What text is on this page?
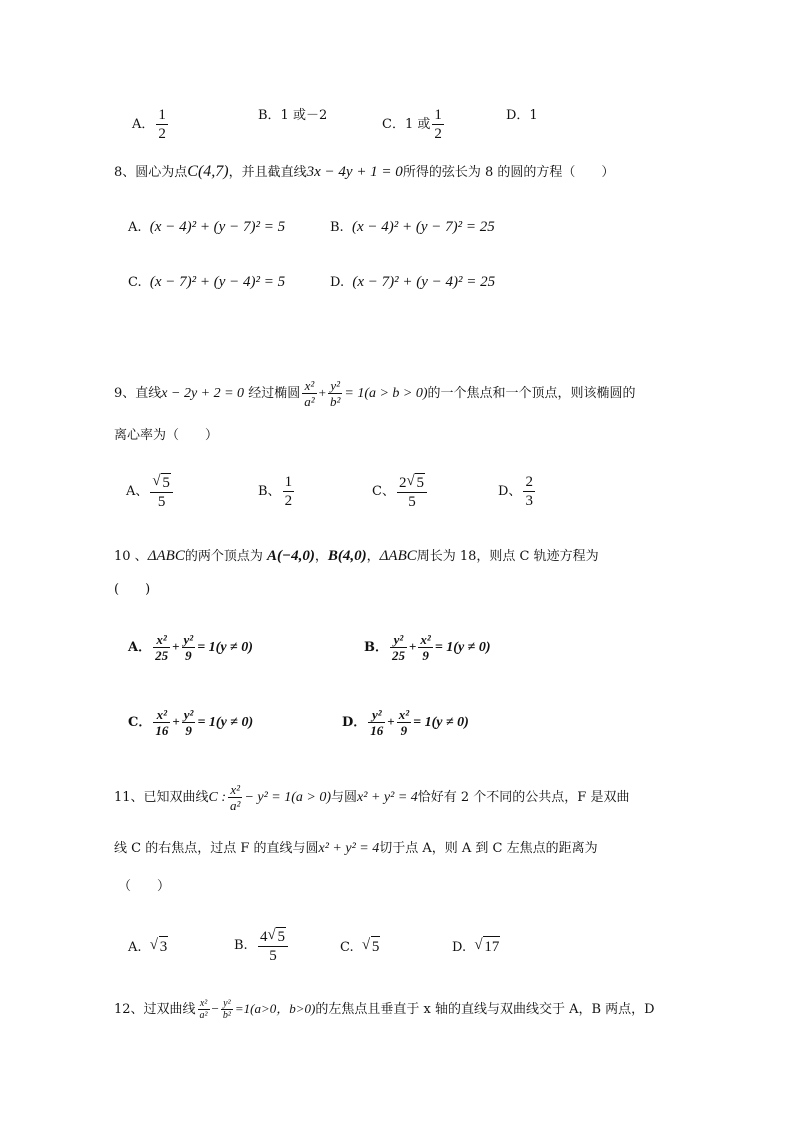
A． $\frac{1}{2}$	B．1 或－2
C．1 或 $\frac{1}{2}$	D．1
8、圆心为点C(4,7)，并且截直线3x − 4y + 1 = 0所得的弦长为 8 的圆的方程（　　）
A. (x − 4)² + (y − 7)² = 5	B. (x − 4)² + (y − 7)² = 25
C. (x − 7)² + (y − 4)² = 5	D. (x − 7)² + (y − 4)² = 25
9、直线x − 2y + 2 = 0 经过椭圆 $\frac{\text{x²}}{\text{a²}} + \frac{\text{y²}}{\text{b²}} = 1(a > b > 0)$的一个焦点和一个顶点，则该椭圆的
离心率为（　　）
A、 √ $\frac{5}{5}$	B、 $\frac{1}{2}$	C、 $\frac{2 √ 5}{5}$	D、 $\frac{2}{3}$
10 、ΔABC的两个顶点为 A(−4,0)，B(4,0)，ΔABC周长为 18，则点 C 轨迹方程为
(　　)
A． $\frac{\text{x²}}{25} + \frac{\text{y²}}{9} = 1(y \ne 0)$	B． $\frac{\text{y²}}{25} + \frac{\text{x²}}{9} = 1(y \ne 0)$
C． $\frac{\text{x²}}{16} + \frac{\text{y²}}{9} = 1(y \ne 0)$	D． $\frac{\text{y²}}{16} + \frac{\text{x²}}{9} = 1(y \ne 0)$
11、已知双曲线C : $\frac{\text{x²}}{\text{a²}} - y^2 = 1(a > 0)$与圆x² + y² = 4恰好有 2 个不同的公共点，F 是双曲
线 C 的右焦点，过点 F 的直线与圆x² + y² = 4切于点 A，则 A 到 C 左焦点的距离为
（　　）
A. √ 3	B. $\frac{4 √ 5}{5}$	C. √ 5	D. √ 17
12、过双曲线 $\frac{\text{x²}}{\text{a²}} - \frac{\text{y²}}{\text{b²}} =1(a>0$，b>0)的左焦点且垂直于 x 轴的直线与双曲线交于 A，B 两点，D
